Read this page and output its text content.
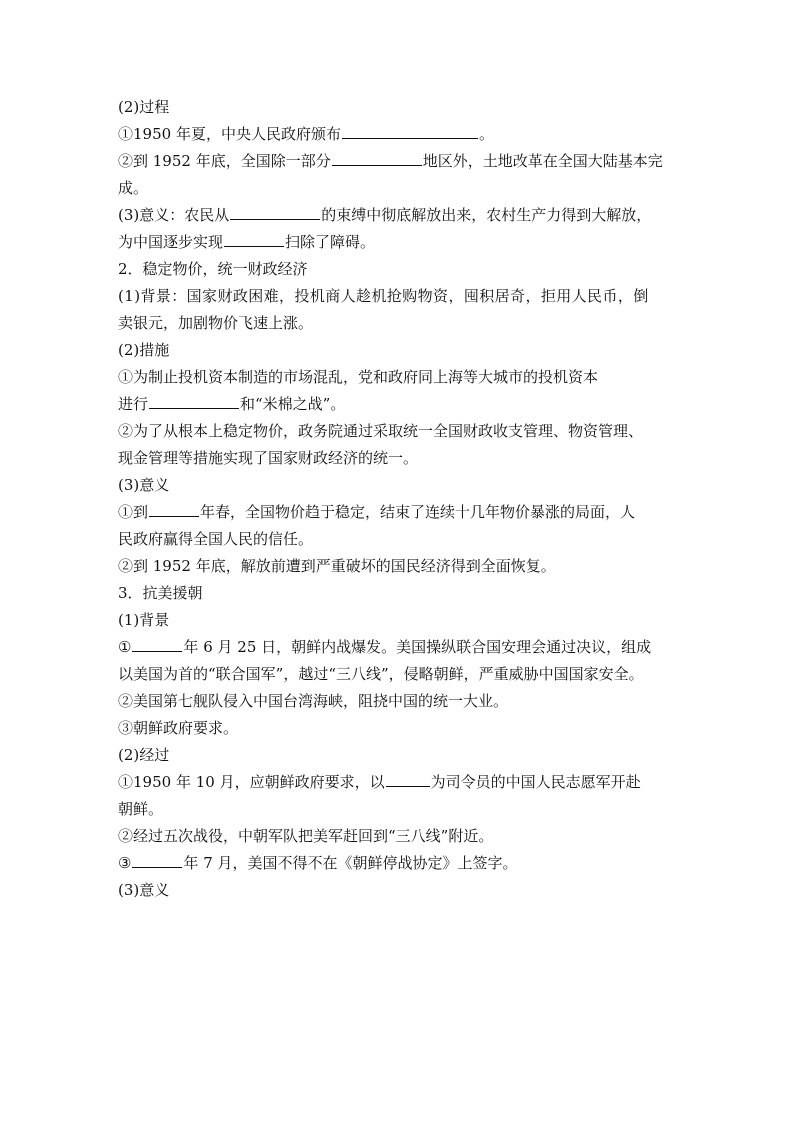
(2)过程
①1950 年夏，中央人民政府颁布	。
②到 1952 年底，全国除一部分	地区外，土地改革在全国大陆基本完
成。
(3)意义：农民从	的束缚中彻底解放出来，农村生产力得到大解放，
为中国逐步实现	扫除了障碍。
2．稳定物价，统一财政经济
(1)背景：国家财政困难，投机商人趁机抢购物资，囤积居奇，拒用人民币，倒
卖银元，加剧物价飞速上涨。
(2)措施
①为制止投机资本制造的市场混乱，党和政府同上海等大城市的投机资本
进行	和“米棉之战”。
②为了从根本上稳定物价，政务院通过采取统一全国财政收支管理、物资管理、
现金管理等措施实现了国家财政经济的统一。
(3)意义
①到	年春，全国物价趋于稳定，结束了连续十几年物价暴涨的局面，人
民政府赢得全国人民的信任。
②到 1952 年底，解放前遭到严重破坏的国民经济得到全面恢复。
3．抗美援朝
(1)背景
①	年 6 月 25 日，朝鲜内战爆发。美国操纵联合国安理会通过决议，组成
以美国为首的“联合国军”，越过“三八线”，侵略朝鲜，严重威胁中国国家安全。
②美国第七舰队侵入中国台湾海峡，阻挠中国的统一大业。
③朝鲜政府要求。
(2)经过
①1950 年 10 月，应朝鲜政府要求，以	为司令员的中国人民志愿军开赴
朝鲜。
②经过五次战役，中朝军队把美军赶回到“三八线”附近。
③	年 7 月，美国不得不在《朝鲜停战协定》上签字。
(3)意义
